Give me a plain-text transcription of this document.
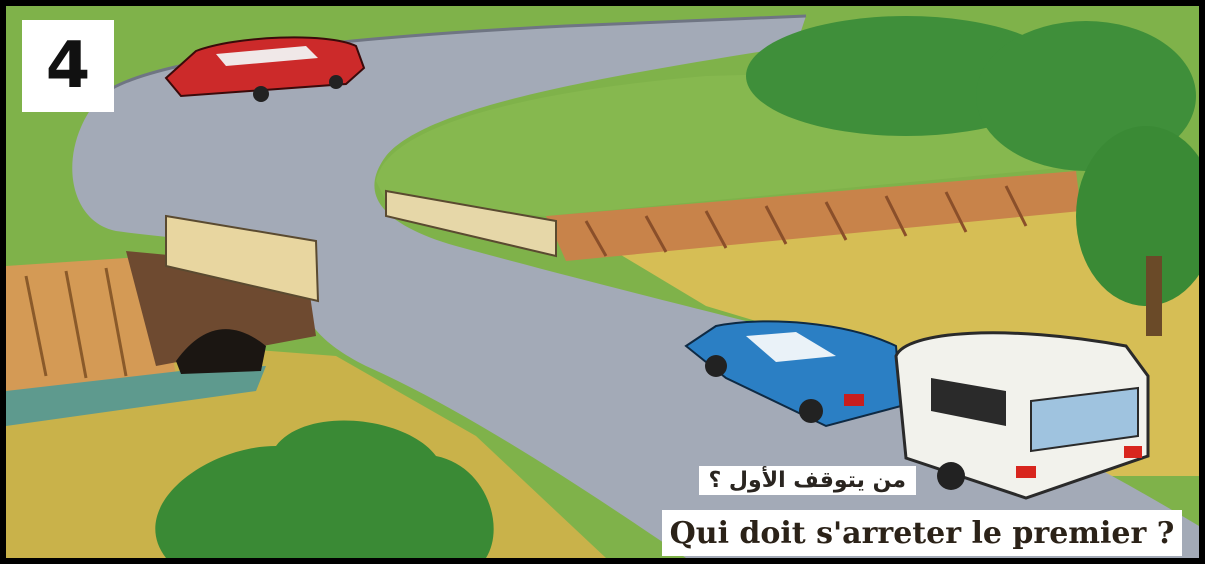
4
من يتوقف الأول ؟
Qui doit s'arreter le premier ?
